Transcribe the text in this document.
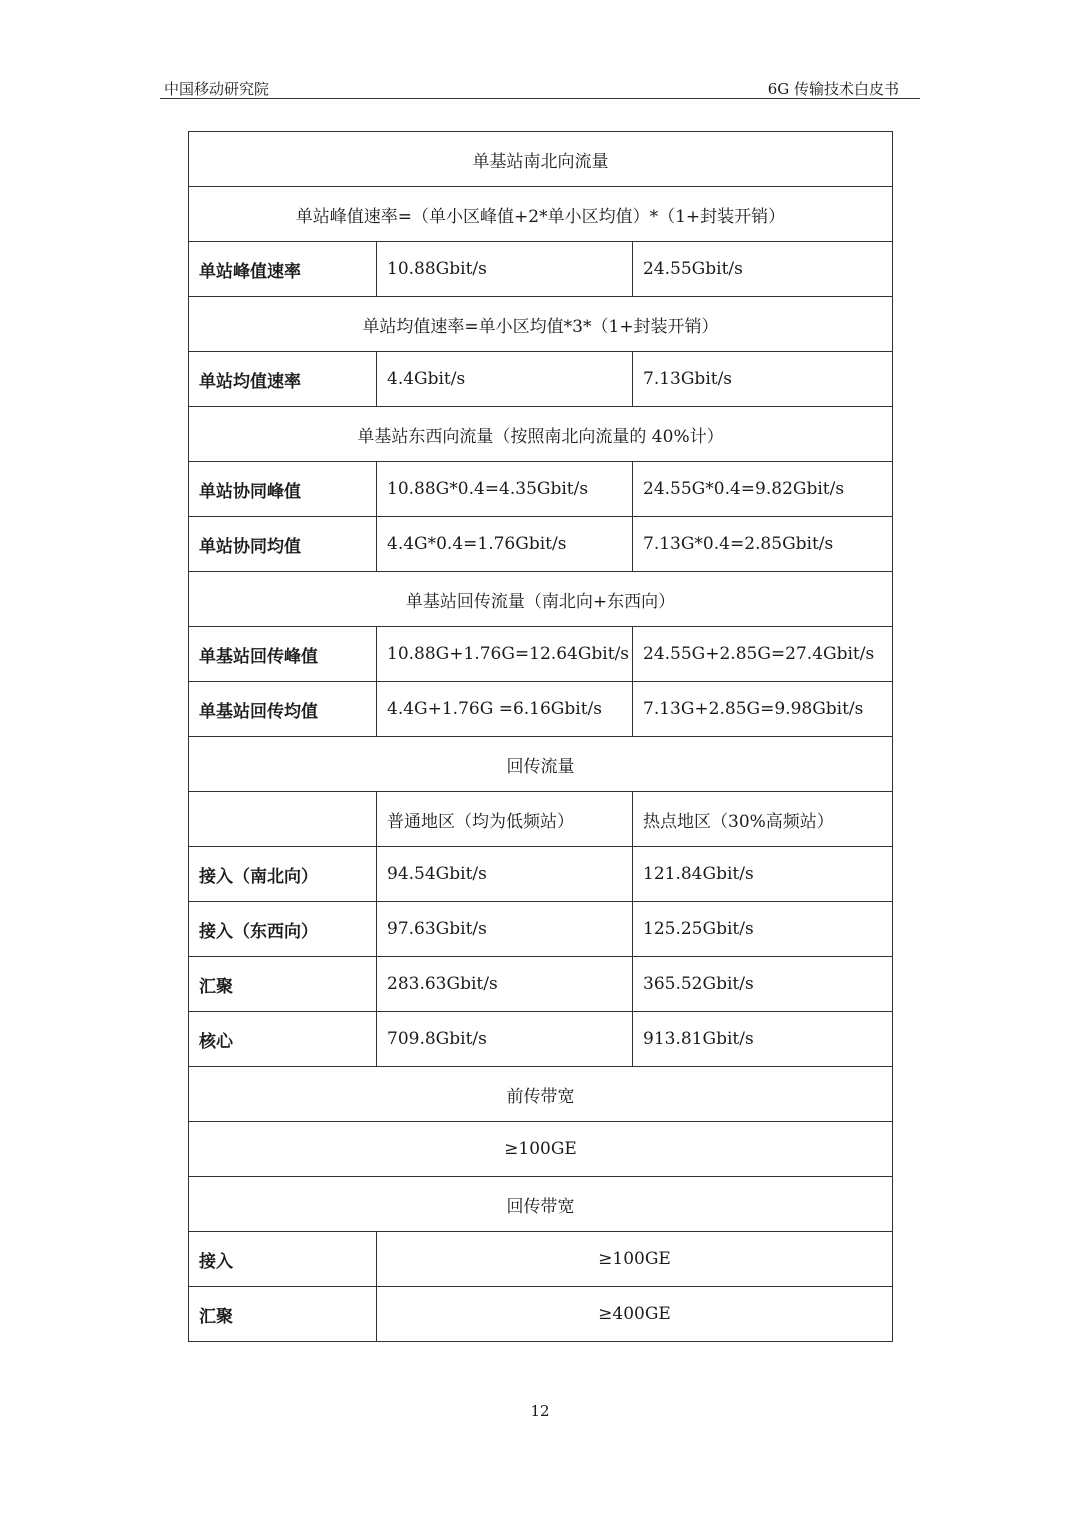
中国移动研究院	6G 传输技术白皮书
单基站南北向流量		
单站峰值速率=（单小区峰值+2*单小区均值）*（1+封装开销）		
单站峰值速率	10.88Gbit/s	24.55Gbit/s
单站均值速率=单小区均值*3*（1+封装开销）		
单站均值速率	4.4Gbit/s	7.13Gbit/s
单基站东西向流量（按照南北向流量的 40%计）		
单站协同峰值	10.88G*0.4=4.35Gbit/s	24.55G*0.4=9.82Gbit/s
单站协同均值	4.4G*0.4=1.76Gbit/s	7.13G*0.4=2.85Gbit/s
单基站回传流量（南北向+东西向）		
单基站回传峰值	10.88G+1.76G=12.64Gbit/s	24.55G+2.85G=27.4Gbit/s
单基站回传均值	4.4G+1.76G =6.16Gbit/s	7.13G+2.85G=9.98Gbit/s
回传流量		
	普通地区（均为低频站）	热点地区（30%高频站）
接入（南北向）	94.54Gbit/s	121.84Gbit/s
接入（东西向）	97.63Gbit/s	125.25Gbit/s
汇聚	283.63Gbit/s	365.52Gbit/s
核心	709.8Gbit/s	913.81Gbit/s
前传带宽		
≥100GE		
回传带宽		
接入	≥100GE	
汇聚	≥400GE	
12
